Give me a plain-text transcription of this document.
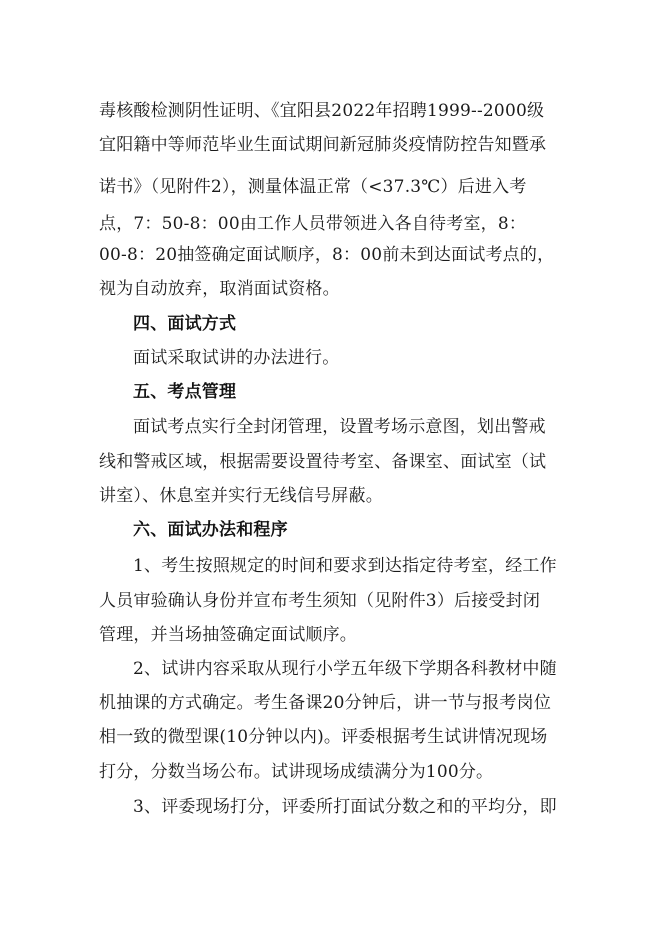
毒核酸检测阴性证明、《宜阳县2022年招聘1999--2000级

宜阳籍中等师范毕业生面试期间新冠肺炎疫情防控告知暨承

诺书》（见附件2），测量体温正常（<37.3℃）后进入考

点，7：50-8：00由工作人员带领进入各自待考室，8：

00-8：20抽签确定面试顺序，8：00前未到达面试考点的，

视为自动放弃，取消面试资格。

四、面试方式

面试采取试讲的办法进行。

五、考点管理

面试考点实行全封闭管理，设置考场示意图，划出警戒

线和警戒区域，根据需要设置待考室、备课室、面试室（试

讲室）、休息室并实行无线信号屏蔽。

六、面试办法和程序

1、考生按照规定的时间和要求到达指定待考室，经工作

人员审验确认身份并宣布考生须知（见附件3）后接受封闭

管理，并当场抽签确定面试顺序。

2、试讲内容采取从现行小学五年级下学期各科教材中随

机抽课的方式确定。考生备课20分钟后，讲一节与报考岗位

相一致的微型课(10分钟以内)。评委根据考生试讲情况现场

打分，分数当场公布。试讲现场成绩满分为100分。

3、评委现场打分，评委所打面试分数之和的平均分，即
